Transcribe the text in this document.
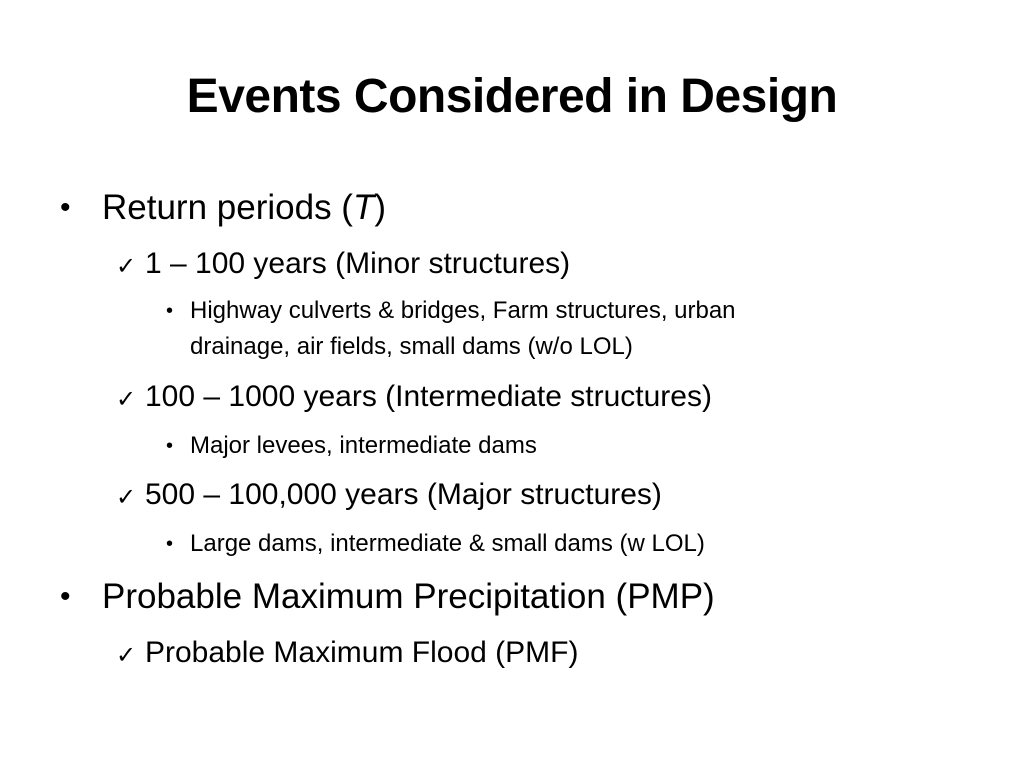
Events Considered in Design
• Return periods (T)
✓ 1 – 100 years (Minor structures)
• Highway culverts & bridges, Farm structures, urban
drainage, air fields, small dams (w/o LOL)
✓ 100 – 1000 years (Intermediate structures)
• Major levees, intermediate dams
✓ 500 – 100,000 years (Major structures)
• Large dams, intermediate & small dams (w LOL)
• Probable Maximum Precipitation (PMP)
✓ Probable Maximum Flood (PMF)
